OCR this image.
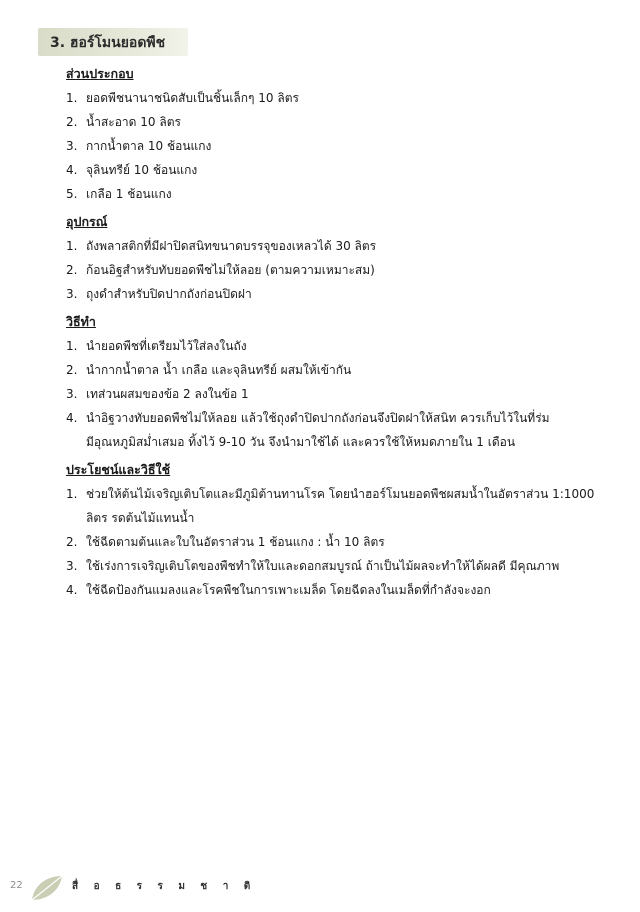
3. ฮอร์โมนยอดพืช
ส่วนประกอบ
1. ยอดพืชนานาชนิดสับเป็นชิ้นเล็กๆ 10 ลิตร
2. น้ำสะอาด 10 ลิตร
3. กากน้ำตาล 10 ช้อนแกง
4. จุลินทรีย์ 10 ช้อนแกง
5. เกลือ 1 ช้อนแกง
อุปกรณ์
1. ถังพลาสติกที่มีฝาปิดสนิทขนาดบรรจุของเหลวได้ 30 ลิตร
2. ก้อนอิฐสำหรับทับยอดพืชไม่ให้ลอย (ตามความเหมาะสม)
3. ถุงดำสำหรับปิดปากถังก่อนปิดฝา
วิธีทำ
1. นำยอดพืชที่เตรียมไว้ใส่ลงในถัง
2. นำกากน้ำตาล น้ำ เกลือ และจุลินทรีย์ ผสมให้เข้ากัน
3. เทส่วนผสมของข้อ 2 ลงในข้อ 1
4. นำอิฐวางทับยอดพืชไม่ให้ลอย แล้วใช้ถุงดำปิดปากถังก่อนจึงปิดฝาให้สนิท ควรเก็บไว้ในที่ร่ม
มีอุณหภูมิสม่ำเสมอ ทิ้งไว้ 9-10 วัน จึงนำมาใช้ได้ และควรใช้ให้หมดภายใน 1 เดือน
ประโยชน์และวิธีใช้
1. ช่วยให้ต้นไม้เจริญเติบโตและมีภูมิต้านทานโรค โดยนำฮอร์โมนยอดพืชผสมน้ำในอัตราส่วน 1:1000
ลิตร รดต้นไม้แทนน้ำ
2. ใช้ฉีดตามต้นและใบในอัตราส่วน 1 ช้อนแกง : น้ำ 10 ลิตร
3. ใช้เร่งการเจริญเติบโตของพืชทำให้ใบและดอกสมบูรณ์ ถ้าเป็นไม้ผลจะทำให้ได้ผลดี มีคุณภาพ
4. ใช้ฉีดป้องกันแมลงและโรคพืชในการเพาะเมล็ด โดยฉีดลงในเมล็ดที่กำลังจะงอก
22	สื่ อ ธ ร ร ม ช า ติ
